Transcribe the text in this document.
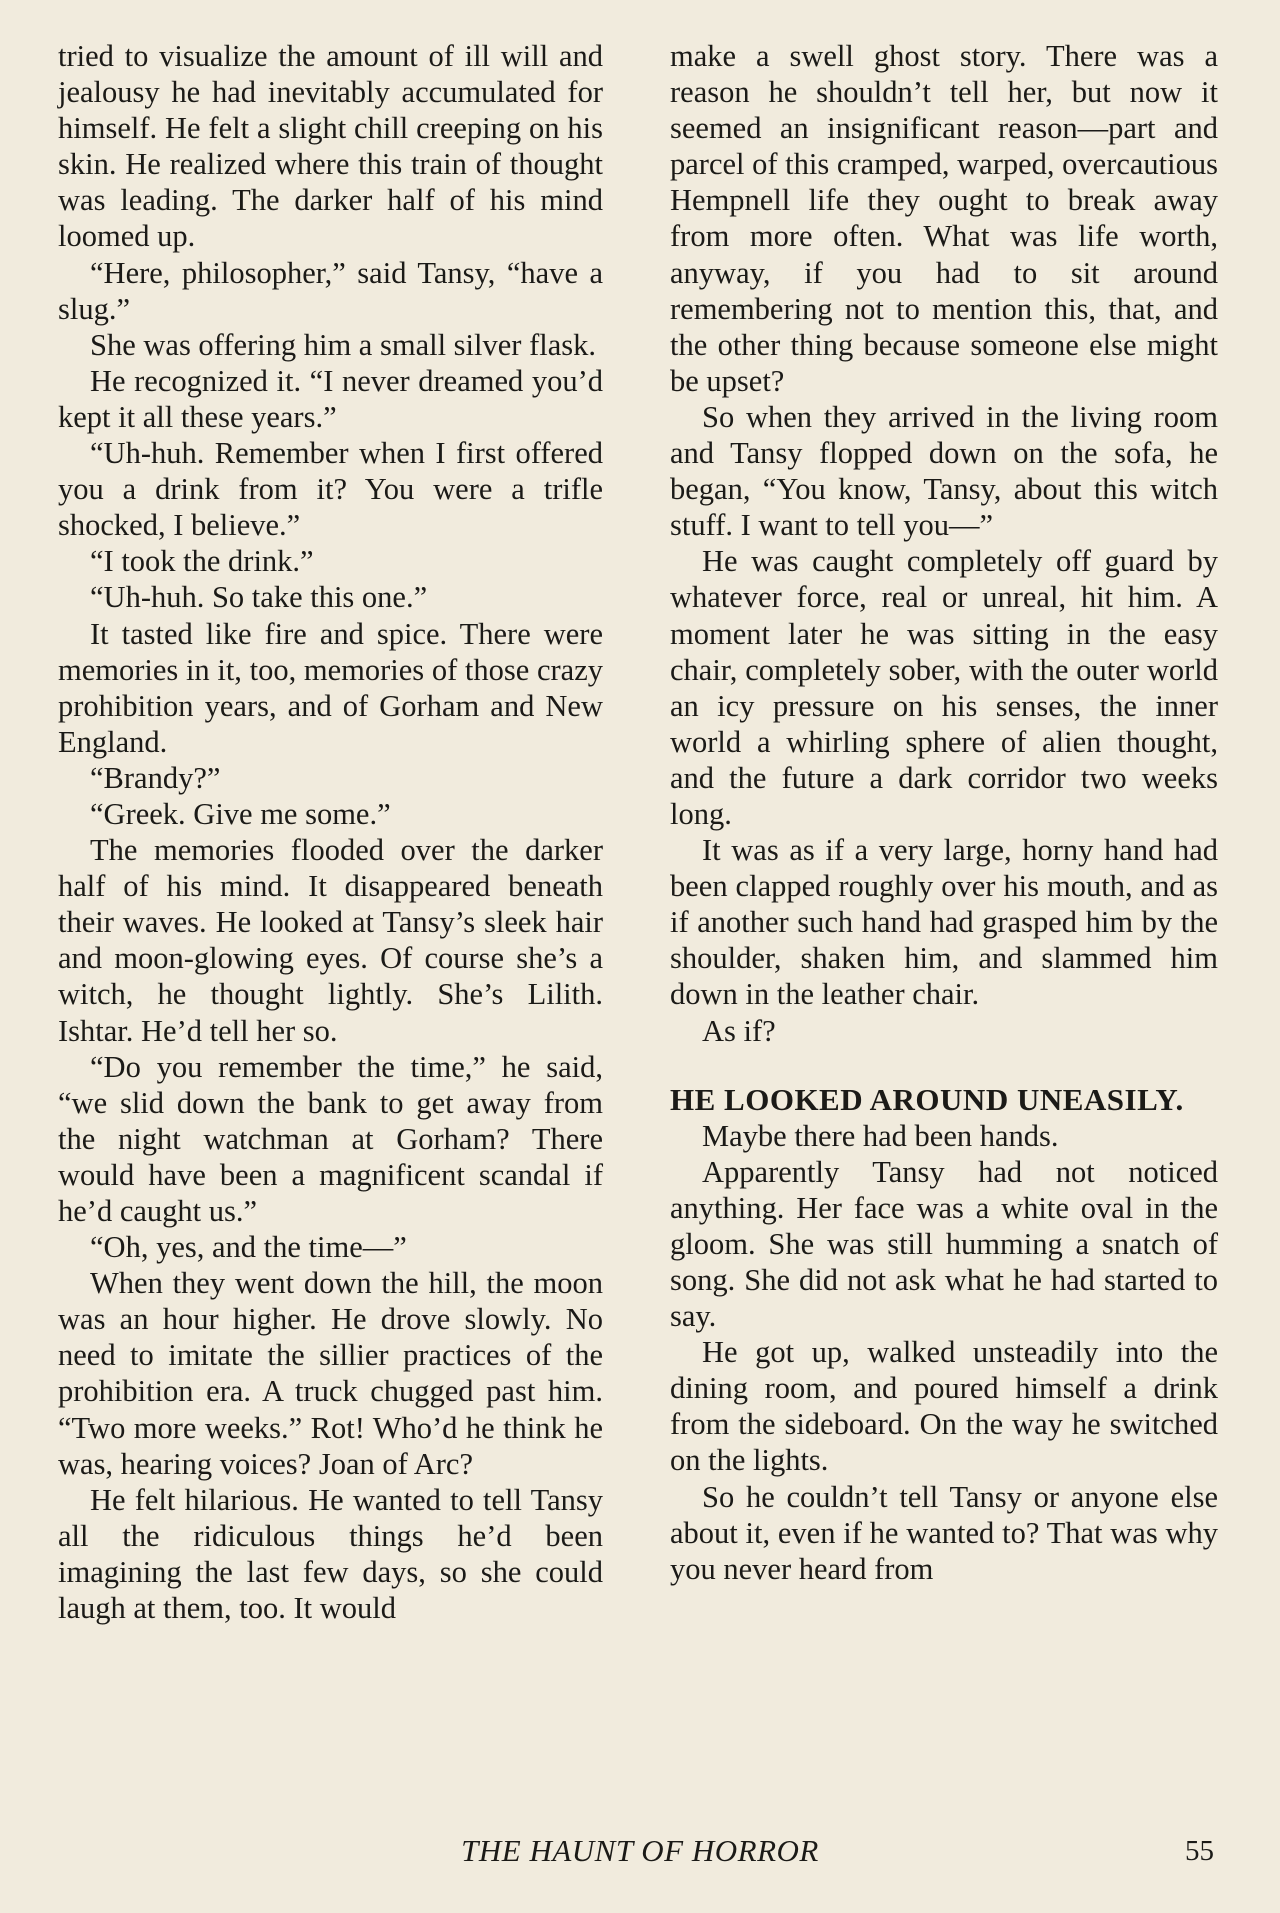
tried to visualize the amount of ill will and jealousy he had inevitably accumulated for himself. He felt a slight chill creeping on his skin. He realized where this train of thought was leading. The darker half of his mind loomed up.

“Here, philosopher,” said Tansy, “have a slug.”

She was offering him a small silver flask.

He recognized it. “I never dreamed you’d kept it all these years.”

“Uh-huh. Remember when I first offered you a drink from it? You were a trifle shocked, I believe.”

“I took the drink.”

“Uh-huh. So take this one.”

It tasted like fire and spice. There were memories in it, too, memories of those crazy prohibition years, and of Gorham and New England.

“Brandy?”

“Greek. Give me some.”

The memories flooded over the darker half of his mind. It disappeared beneath their waves. He looked at Tansy’s sleek hair and moon-glowing eyes. Of course she’s a witch, he thought lightly. She’s Lilith. Ishtar. He’d tell her so.

“Do you remember the time,” he said, “we slid down the bank to get away from the night watchman at Gorham? There would have been a magnificent scandal if he’d caught us.”

“Oh, yes, and the time—”

When they went down the hill, the moon was an hour higher. He drove slowly. No need to imitate the sillier practices of the prohibition era. A truck chugged past him. “Two more weeks.” Rot! Who’d he think he was, hearing voices? Joan of Arc?

He felt hilarious. He wanted to tell Tansy all the ridiculous things he’d been imagining the last few days, so she could laugh at them, too. It would

make a swell ghost story. There was a reason he shouldn’t tell her, but now it seemed an insignificant reason—part and parcel of this cramped, warped, overcautious Hempnell life they ought to break away from more often. What was life worth, anyway, if you had to sit around remembering not to mention this, that, and the other thing because someone else might be upset?

So when they arrived in the living room and Tansy flopped down on the sofa, he began, “You know, Tansy, about this witch stuff. I want to tell you—”

He was caught completely off guard by whatever force, real or unreal, hit him. A moment later he was sitting in the easy chair, completely sober, with the outer world an icy pressure on his senses, the inner world a whirling sphere of alien thought, and the future a dark corridor two weeks long.

It was as if a very large, horny hand had been clapped roughly over his mouth, and as if another such hand had grasped him by the shoulder, shaken him, and slammed him down in the leather chair.

As if?

HE LOOKED AROUND UNEASILY.

Maybe there had been hands.

Apparently Tansy had not noticed anything. Her face was a white oval in the gloom. She was still humming a snatch of song. She did not ask what he had started to say.

He got up, walked unsteadily into the dining room, and poured himself a drink from the sideboard. On the way he switched on the lights.

So he couldn’t tell Tansy or anyone else about it, even if he wanted to? That was why you never heard from

THE HAUNT OF HORROR	55
